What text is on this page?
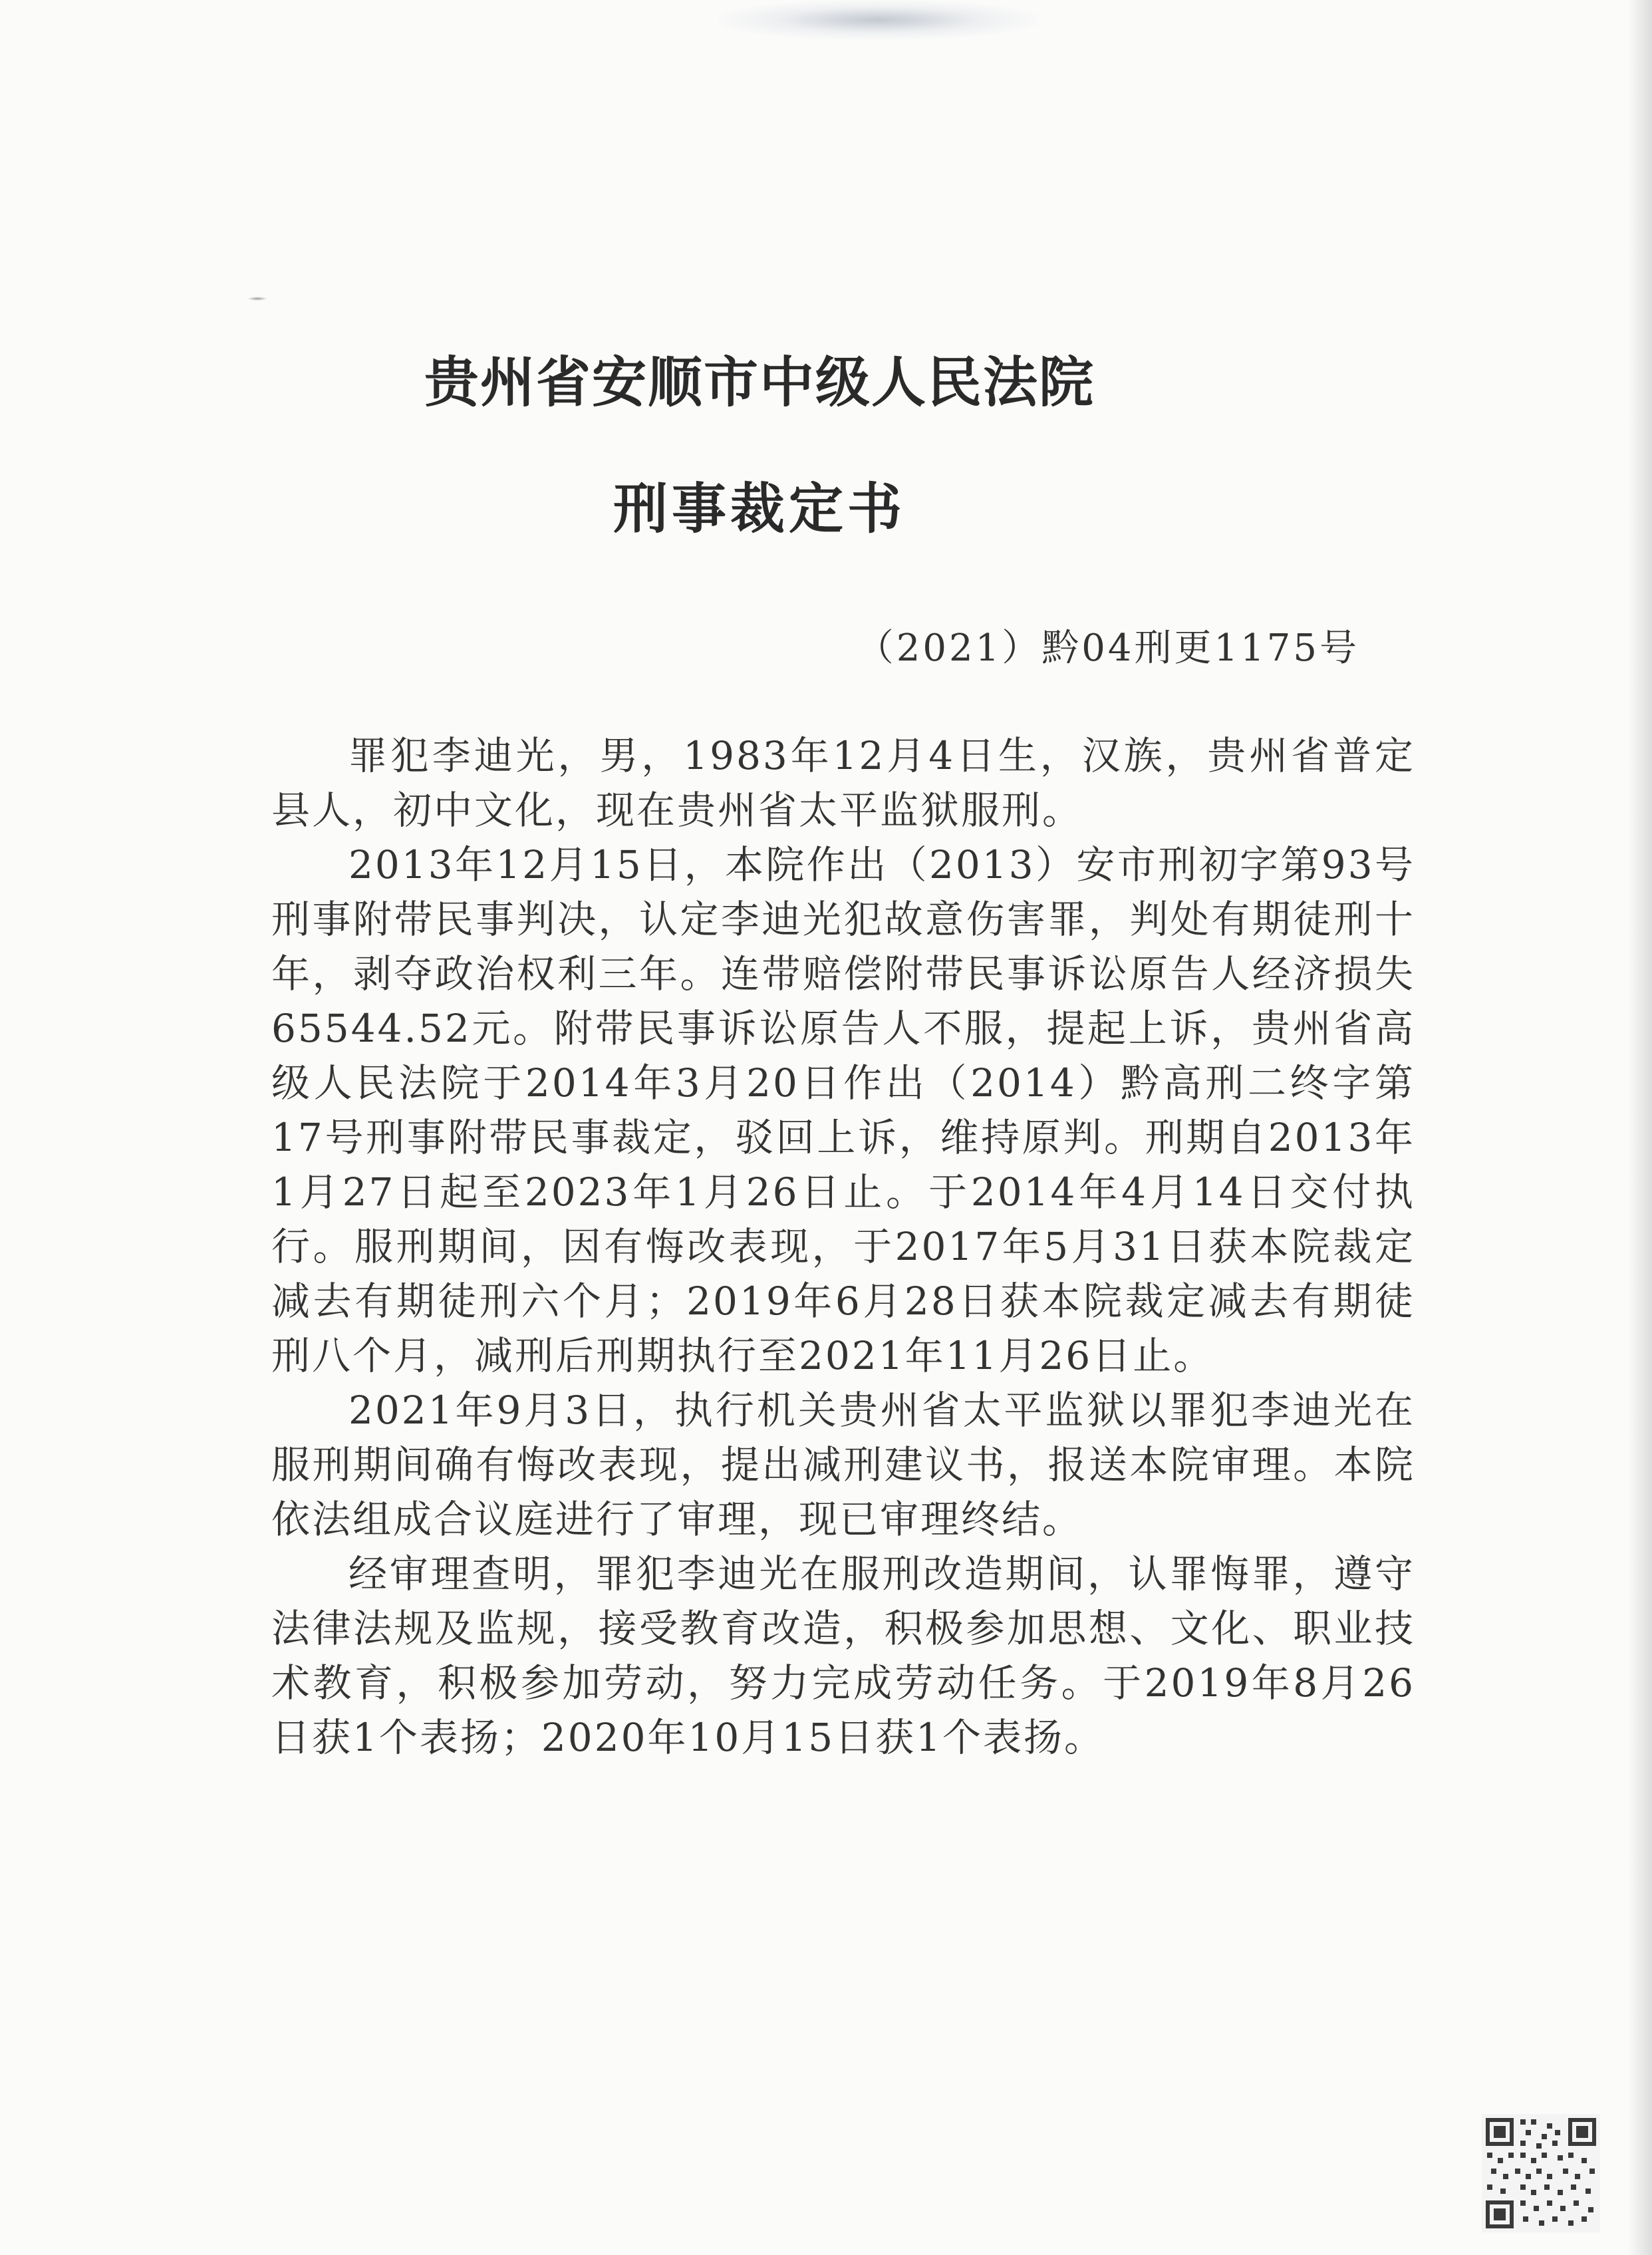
贵州省安顺市中级人民法院
刑事裁定书

（2021）黔04刑更1175号

罪犯李迪光，男，1983年12月4日生，汉族，贵州省普定县人，初中文化，现在贵州省太平监狱服刑。

2013年12月15日，本院作出（2013）安市刑初字第93号刑事附带民事判决，认定李迪光犯故意伤害罪，判处有期徒刑十年，剥夺政治权利三年。连带赔偿附带民事诉讼原告人经济损失65544.52元。附带民事诉讼原告人不服，提起上诉，贵州省高级人民法院于2014年3月20日作出（2014）黔高刑二终字第17号刑事附带民事裁定，驳回上诉，维持原判。刑期自2013年1月27日起至2023年1月26日止。于2014年4月14日交付执行。服刑期间，因有悔改表现，于2017年5月31日获本院裁定减去有期徒刑六个月；2019年6月28日获本院裁定减去有期徒刑八个月，减刑后刑期执行至2021年11月26日止。

2021年9月3日，执行机关贵州省太平监狱以罪犯李迪光在服刑期间确有悔改表现，提出减刑建议书，报送本院审理。本院依法组成合议庭进行了审理，现已审理终结。

经审理查明，罪犯李迪光在服刑改造期间，认罪悔罪，遵守法律法规及监规，接受教育改造，积极参加思想、文化、职业技术教育，积极参加劳动，努力完成劳动任务。于2019年8月26日获1个表扬；2020年10月15日获1个表扬。
